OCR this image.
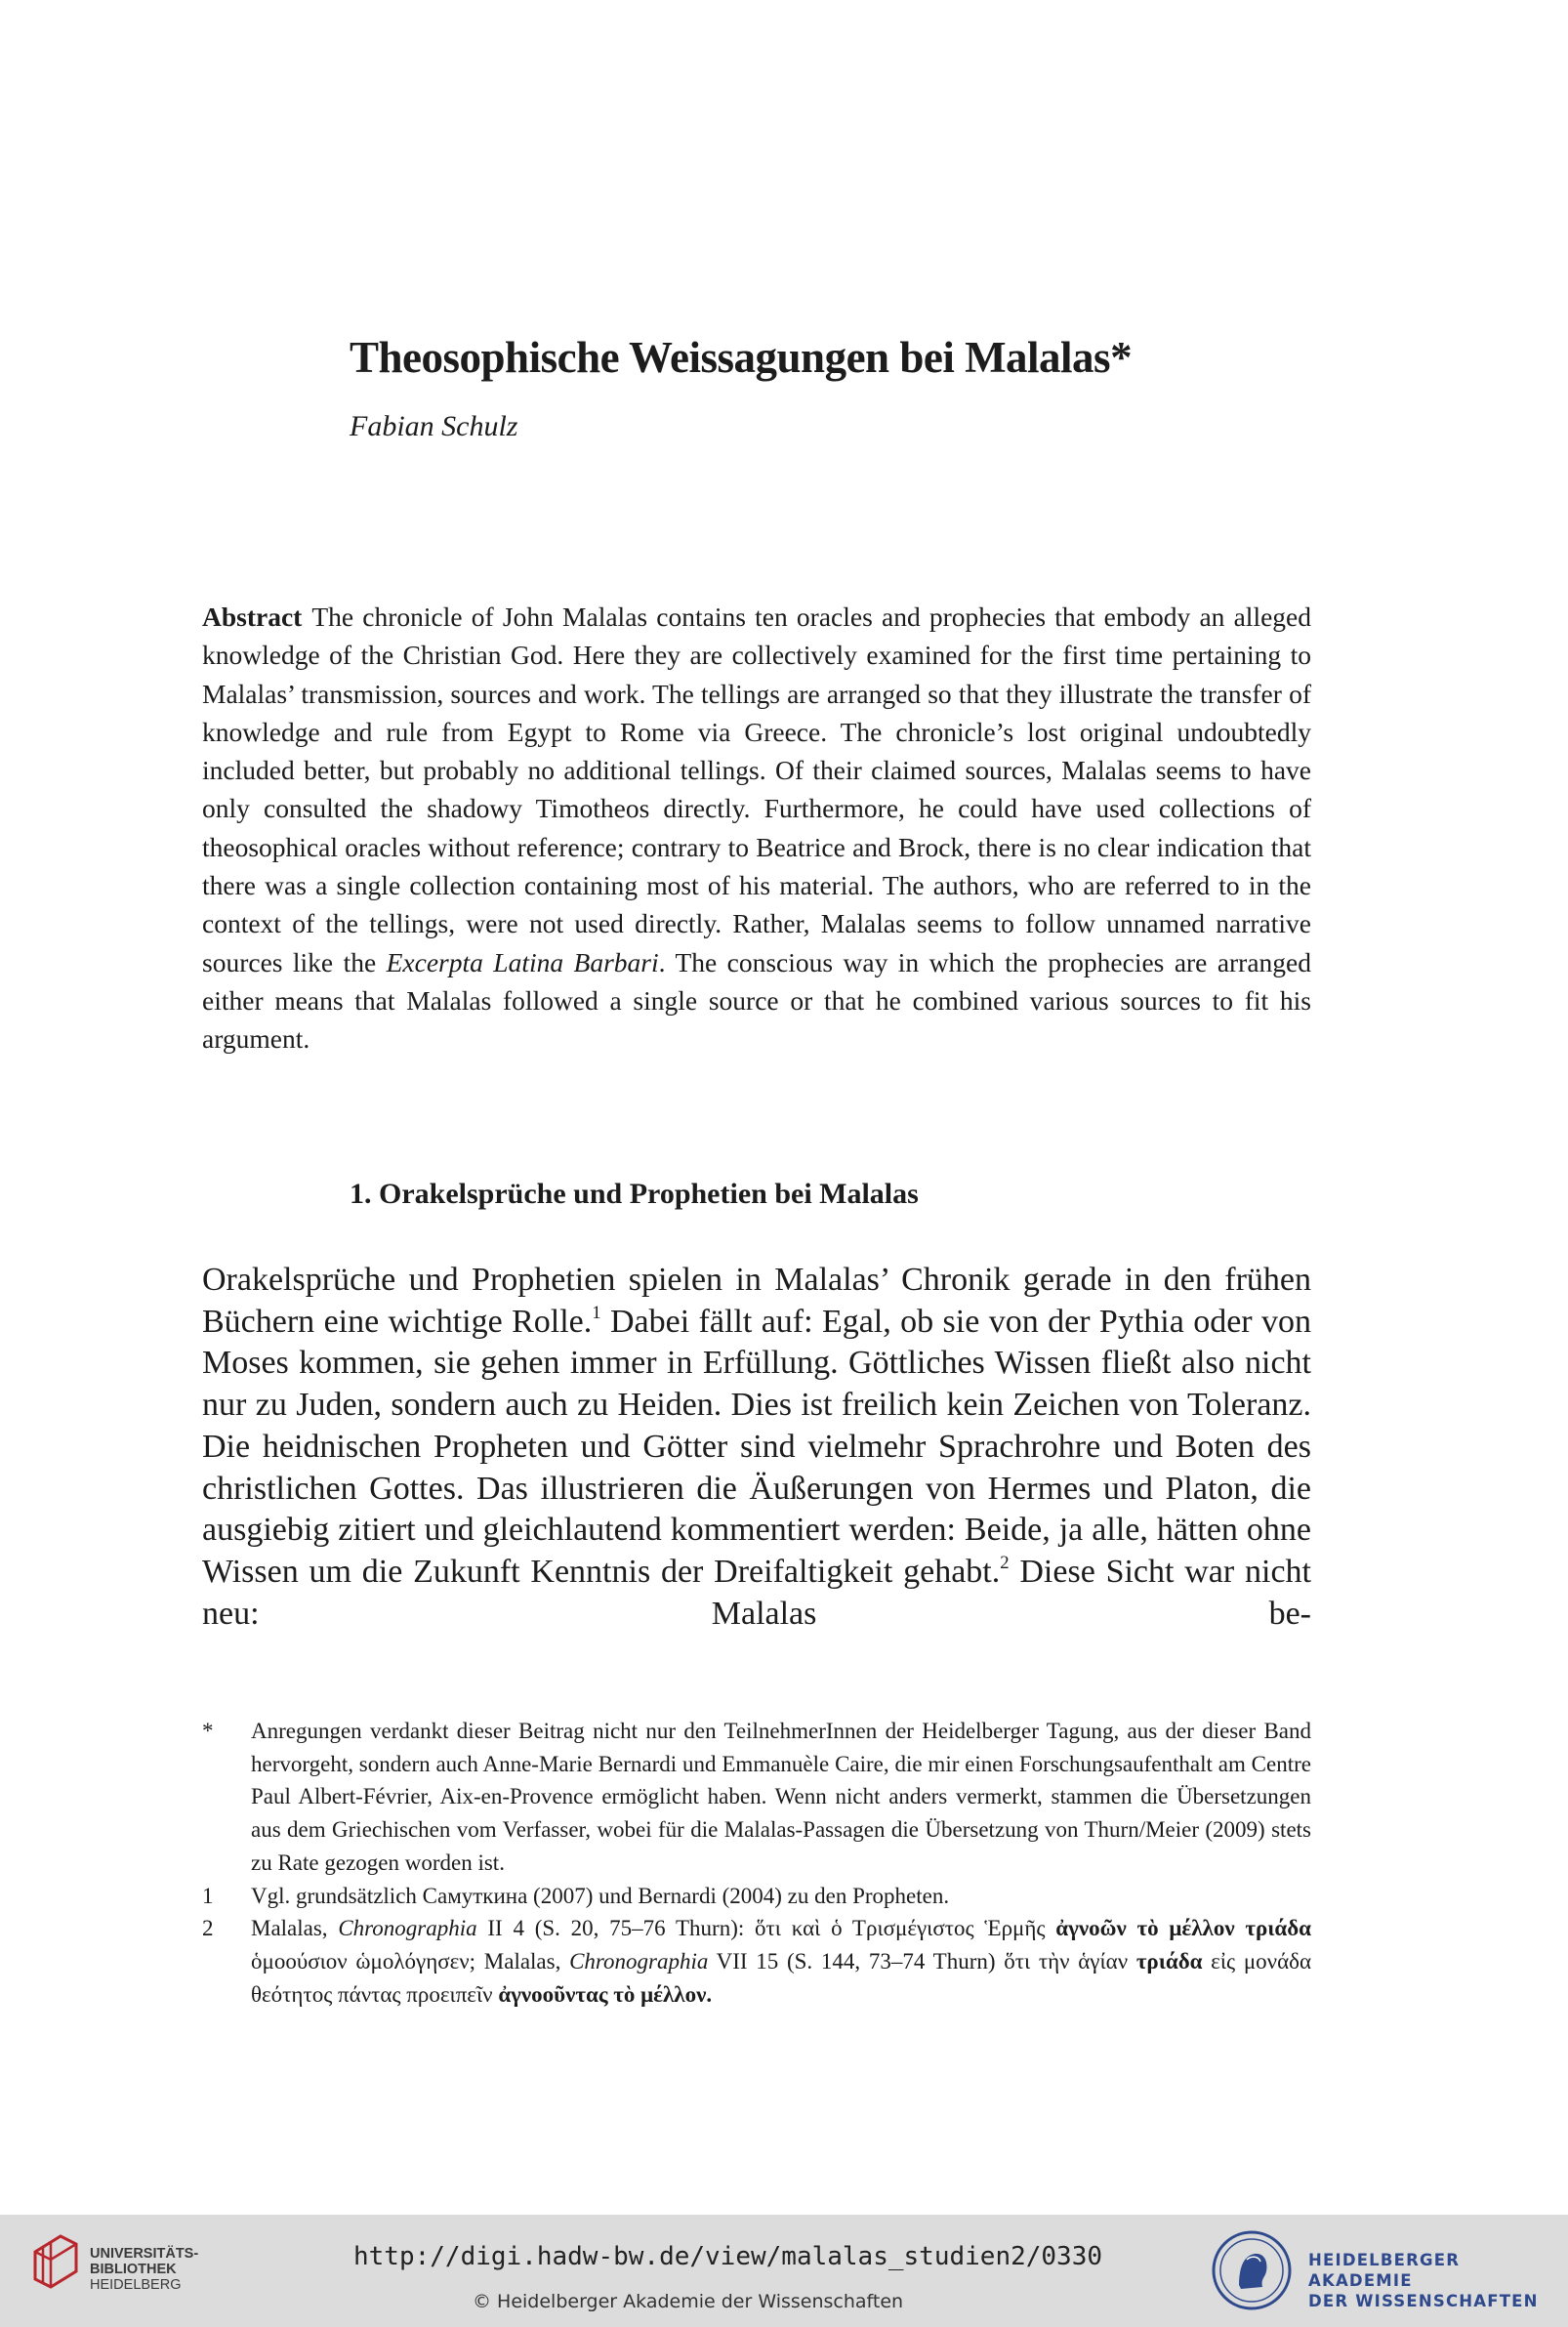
Theosophische Weissagungen bei Malalas*
Fabian Schulz
Abstract The chronicle of John Malalas contains ten oracles and prophecies that embody an alleged knowledge of the Christian God. Here they are collectively examined for the first time pertaining to Malalas’ transmission, sources and work. The tellings are arranged so that they illustrate the transfer of knowledge and rule from Egypt to Rome via Greece. The chronicle’s lost original undoubtedly included better, but probably no additional tellings. Of their claimed sources, Malalas seems to have only consulted the shadowy Timotheos directly. Furthermore, he could have used collections of theosophical oracles without reference; contrary to Beatrice and Brock, there is no clear indication that there was a single collection containing most of his material. The authors, who are referred to in the context of the tellings, were not used directly. Rather, Malalas seems to follow unnamed narrative sources like the Excerpta Latina Barbari. The conscious way in which the prophecies are arranged either means that Malalas followed a single source or that he combined various sources to fit his argument.
1. Orakelsprüche und Prophetien bei Malalas
Orakelsprüche und Prophetien spielen in Malalas’ Chronik gerade in den frühen Büchern eine wichtige Rolle.$^1$ Dabei fällt auf: Egal, ob sie von der Pythia oder von Moses kommen, sie gehen immer in Erfüllung. Göttliches Wissen fließt also nicht nur zu Juden, sondern auch zu Heiden. Dies ist freilich kein Zeichen von Toleranz. Die heidnischen Propheten und Götter sind vielmehr Sprachrohre und Boten des christlichen Gottes. Das illustrieren die Äußerungen von Hermes und Platon, die ausgiebig zitiert und gleichlautend kommentiert werden: Beide, ja alle, hätten ohne Wissen um die Zukunft Kenntnis der Dreifaltigkeit gehabt.$^2$ Diese Sicht war nicht neu: Malalas be-
*	Anregungen verdankt dieser Beitrag nicht nur den TeilnehmerInnen der Heidelberger Tagung, aus der dieser Band hervorgeht, sondern auch Anne-Marie Bernardi und Emmanuèle Caire, die mir einen Forschungsaufenthalt am Centre Paul Albert-Février, Aix-en-Provence ermöglicht haben. Wenn nicht anders vermerkt, stammen die Übersetzungen aus dem Griechischen vom Verfasser, wobei für die Malalas-Passagen die Übersetzung von Thurn/Meier (2009) stets zu Rate gezogen worden ist.
1	Vgl. grundsätzlich Самуткина (2007) und Bernardi (2004) zu den Propheten.
2	Malalas, Chronographia II 4 (S. 20, 75–76 Thurn): ὅτι καὶ ὁ Τρισμέγιστος Ἑρμῆς ἀγνοῶν τὸ μέλλον τριάδα ὁμοούσιον ὡμολόγησεν; Malalas, Chronographia VII 15 (S. 144, 73–74 Thurn) ὅτι τὴν ἁγίαν τριάδα εἰς μονάδα θεότητος πάντας προειπεῖν ἀγνοοῦντας τὸ μέλλον.
UNIVERSITÄTS-
BIBLIOTHEK
HEIDELBERG
http://digi.hadw-bw.de/view/malalas_studien2/0330
© Heidelberger Akademie der Wissenschaften
HEIDELBERGER AKADEMIE
DER WISSENSCHAFTEN
